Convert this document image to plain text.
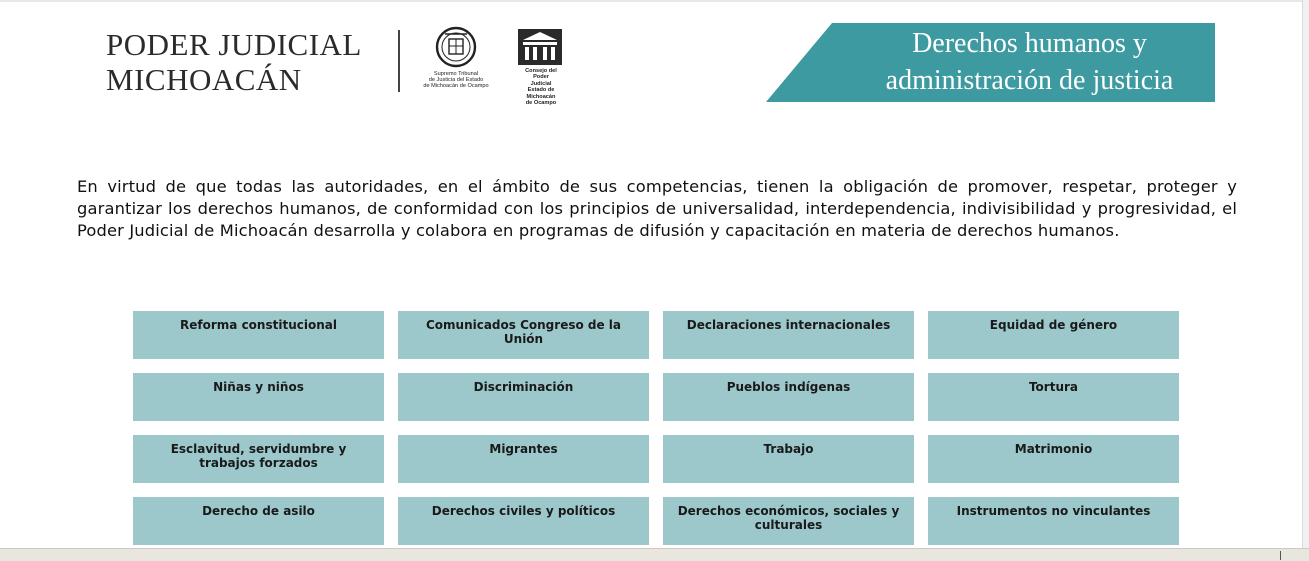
PODER JUDICIAL
MICHOACÁN	Supremo Tribunal
de Justicia del Estado
de Michoacán de Ocampo
Consejo del
Poder
Judicial
Estado de Michoacán
de Ocampo
Derechos humanos y
administración de justicia

En virtud de que todas las autoridades, en el ámbito de sus competencias, tienen la obligación de promover, respetar, proteger y garantizar los derechos humanos, de conformidad con los principios de universalidad, interdependencia, indivisibilidad y progresividad, el Poder Judicial de Michoacán desarrolla y colabora en programas de difusión y capacitación en materia de derechos humanos.

Reforma constitucional	Comunicados Congreso de la Unión
Declaraciones internacionales	Equidad de género
Niñas y niños	Discriminación	Pueblos indígenas	Tortura
Esclavitud, servidumbre y trabajos forzados
Migrantes	Trabajo	Matrimonio
Derecho de asilo	Derechos civiles y políticos	Derechos económicos, sociales y culturales
Instrumentos no vinculantes
